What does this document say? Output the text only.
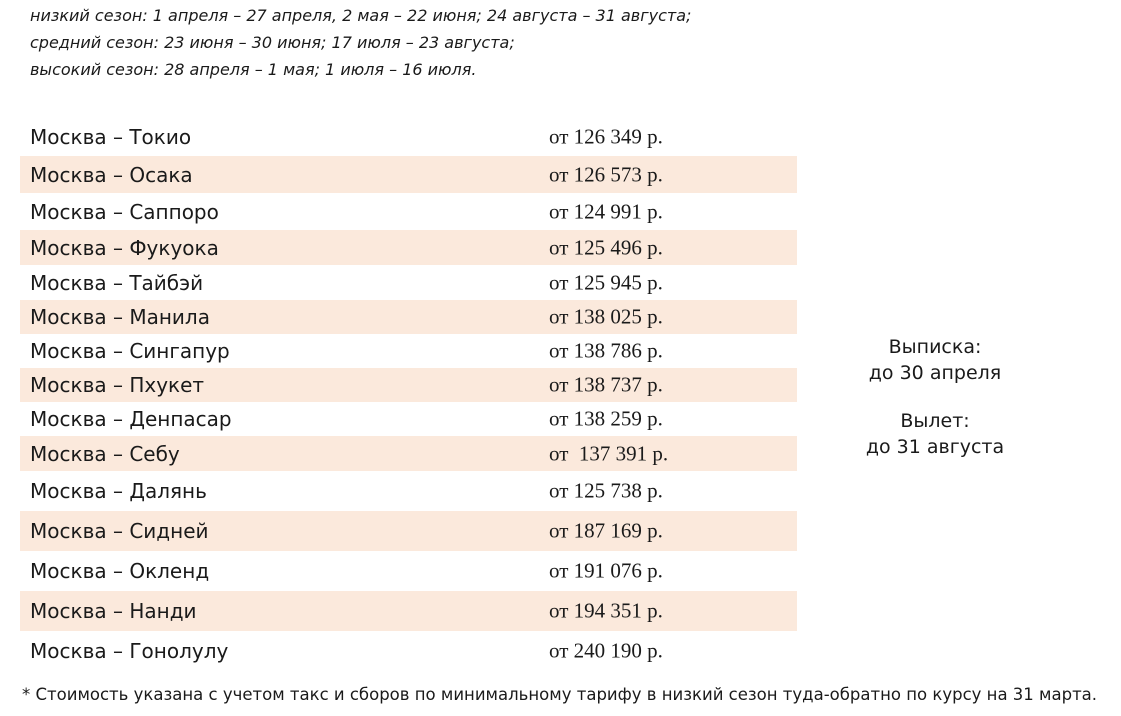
низкий сезон: 1 апреля – 27 апреля, 2 мая – 22 июня; 24 августа – 31 августа;
средний сезон: 23 июня – 30 июня; 17 июля – 23 августа;
высокий сезон: 28 апреля – 1 мая; 1 июля – 16 июля.
Москва – Токио	от 126 349 р.
Москва – Осака	от 126 573 р.
Москва – Саппоро	от 124 991 р.
Москва – Фукуока	от 125 496 р.
Москва – Тайбэй	от 125 945 р.
Москва – Манила	от 138 025 р.
Москва – Сингапур	от 138 786 р.
Москва – Пхукет	от 138 737 р.
Москва – Денпасар	от 138 259 р.
Москва – Себу	от  137 391 р.
Москва – Далянь	от 125 738 р.
Москва – Сидней	от 187 169 р.
Москва – Окленд	от 191 076 р.
Москва – Нанди	от 194 351 р.
Москва – Гонолулу	от 240 190 р.
Выписка:
до 30 апреля
Вылет:
до 31 августа
* Стоимость указана с учетом такс и сборов по минимальному тарифу в низкий сезон туда-обратно по курсу на 31 марта.
